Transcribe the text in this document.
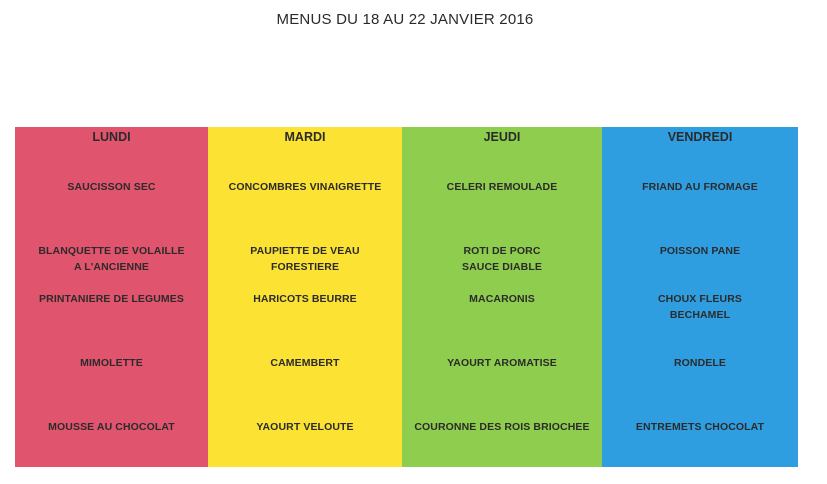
MENUS DU 18 AU 22 JANVIER 2016
LUNDI
SAUCISSON SEC
BLANQUETTE DE VOLAILLE
A L'ANCIENNE
PRINTANIERE DE LEGUMES
MIMOLETTE
MOUSSE AU CHOCOLAT
MARDI
CONCOMBRES VINAIGRETTE
PAUPIETTE DE VEAU
FORESTIERE
HARICOTS BEURRE
CAMEMBERT
YAOURT VELOUTE
JEUDI
CELERI REMOULADE
ROTI DE PORC
SAUCE DIABLE
MACARONIS
YAOURT AROMATISE
COURONNE DES ROIS BRIOCHEE
VENDREDI
FRIAND AU FROMAGE
POISSON PANE
CHOUX FLEURS
BECHAMEL
RONDELE
ENTREMETS CHOCOLAT
